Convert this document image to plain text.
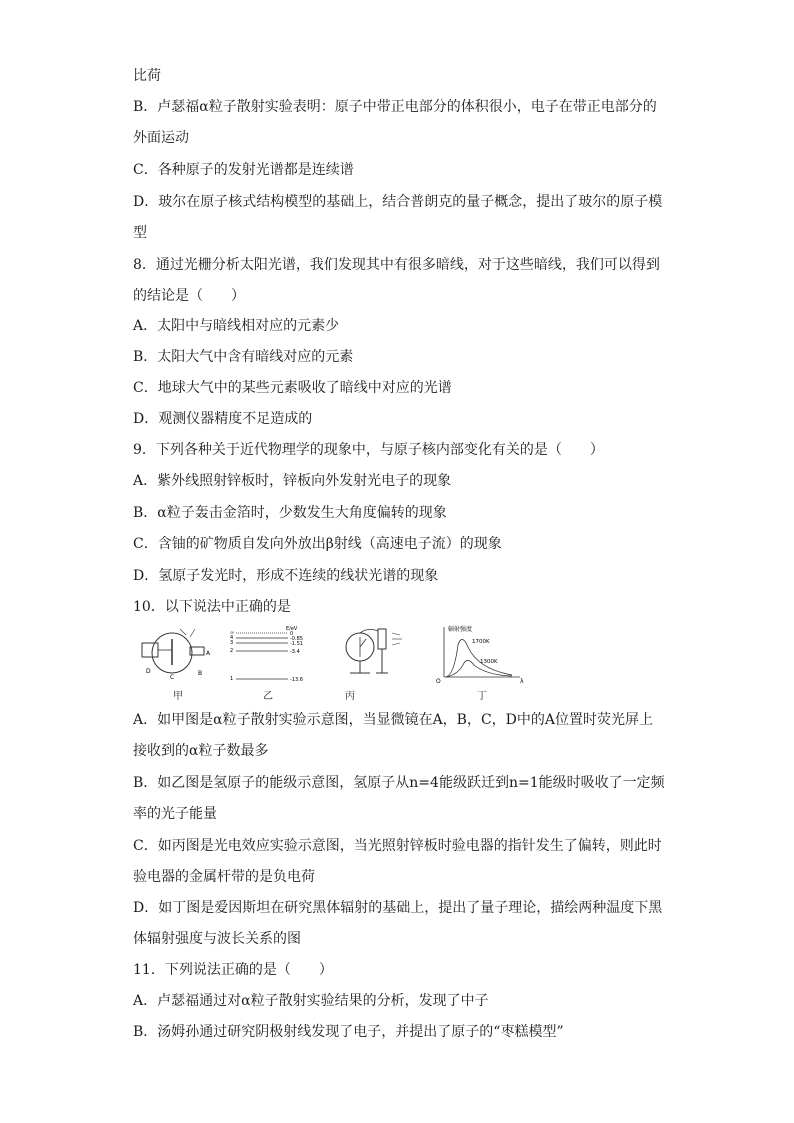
比荷
B．卢瑟福α粒子散射实验表明：原子中带正电部分的体积很小，电子在带正电部分的
外面运动
C．各种原子的发射光谱都是连续谱
D．玻尔在原子核式结构模型的基础上，结合普朗克的量子概念，提出了玻尔的原子模
型
8．通过光栅分析太阳光谱，我们发现其中有很多暗线，对于这些暗线，我们可以得到
的结论是（　　）
A．太阳中与暗线相对应的元素少
B．太阳大气中含有暗线对应的元素
C．地球大气中的某些元素吸收了暗线中对应的光谱
D．观测仪器精度不足造成的
9．下列各种关于近代物理学的现象中，与原子核内部变化有关的是（　　）
A．紫外线照射锌板时，锌板向外发射光电子的现象
B．α粒子轰击金箔时，少数发生大角度偏转的现象
C．含铀的矿物质自发向外放出β射线（高速电子流）的现象
D．氢原子发光时，形成不连续的线状光谱的现象
10．以下说法中正确的是
A
B
C
D
甲
E/eV
∞	0
4	-0.85
3	-1.51
2	-3.4
1	-13.6
乙	丙
辐射强度
O	λ
1700K
1300K
丁
A．如甲图是α粒子散射实验示意图，当显微镜在A，B，C，D中的A位置时荧光屏上
接收到的α粒子数最多
B．如乙图是氢原子的能级示意图，氢原子从n=4能级跃迁到n=1能级时吸收了一定频
率的光子能量
C．如丙图是光电效应实验示意图，当光照射锌板时验电器的指针发生了偏转，则此时
验电器的金属杆带的是负电荷
D．如丁图是爱因斯坦在研究黑体辐射的基础上，提出了量子理论，描绘两种温度下黑
体辐射强度与波长关系的图
11．下列说法正确的是（　　）
A．卢瑟福通过对α粒子散射实验结果的分析，发现了中子
B．汤姆孙通过研究阴极射线发现了电子，并提出了原子的“枣糕模型”
